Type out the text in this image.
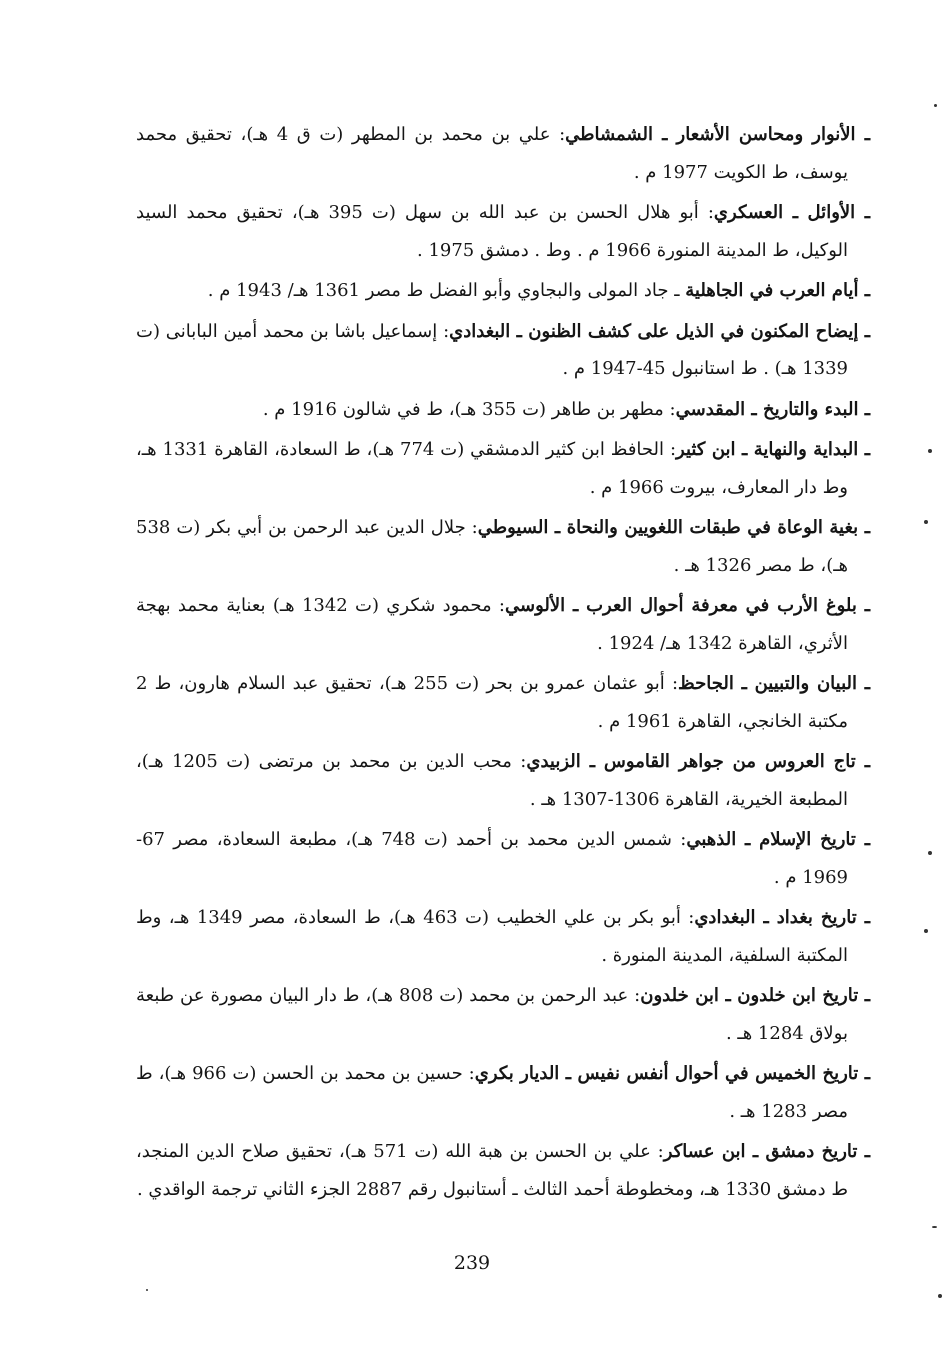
ـ الأنوار ومحاسن الأشعار ـ الشمشاطي: علي بن محمد بن المطهر (ت ق 4 هـ)، تحقيق محمد يوسف، ط الكويت 1977 م .

ـ الأوائل ـ العسكري: أبو هلال الحسن بن عبد الله بن سهل (ت 395 هـ)، تحقيق محمد السيد الوكيل، ط المدينة المنورة 1966 م . وط . دمشق 1975 .

ـ أيام العرب في الجاهلية ـ جاد المولى والبجاوي وأبو الفضل ط مصر 1361 هـ/ 1943 م .

ـ إيضاح المكنون في الذيل على كشف الظنون ـ البغدادي: إسماعيل باشا بن محمد أمين البابانى (ت 1339 هـ) . ط استانبول 45-1947 م .

ـ البدء والتاريخ ـ المقدسي: مطهر بن طاهر (ت 355 هـ)، ط في شالون 1916 م .

ـ البداية والنهاية ـ ابن كثير: الحافظ ابن كثير الدمشقي (ت 774 هـ)، ط السعادة، القاهرة 1331 هـ، وط دار المعارف، بيروت 1966 م .

ـ بغية الوعاة في طبقات اللغويين والنحاة ـ السيوطي: جلال الدين عبد الرحمن بن أبي بكر (ت 538 هـ)، ط مصر 1326 هـ .

ـ بلوغ الأرب في معرفة أحوال العرب ـ الألوسي: محمود شكري (ت 1342 هـ) بعناية محمد بهجة الأثري، القاهرة 1342 هـ/ 1924 .

ـ البيان والتبيين ـ الجاحظ: أبو عثمان عمرو بن بحر (ت 255 هـ)، تحقيق عبد السلام هارون، ط 2 مكتبة الخانجي، القاهرة 1961 م .

ـ تاج العروس من جواهر القاموس ـ الزبيدي: محب الدين بن محمد بن مرتضى (ت 1205 هـ)، المطبعة الخيرية، القاهرة 1306-1307 هـ .

ـ تاريخ الإسلام ـ الذهبي: شمس الدين محمد بن أحمد (ت 748 هـ)، مطبعة السعادة، مصر 67-1969 م .

ـ تاريخ بغداد ـ البغدادي: أبو بكر بن علي الخطيب (ت 463 هـ)، ط السعادة، مصر 1349 هـ، وط المكتبة السلفية، المدينة المنورة .

ـ تاريخ ابن خلدون ـ ابن خلدون: عبد الرحمن بن محمد (ت 808 هـ)، ط دار البيان مصورة عن طبعة بولاق 1284 هـ .

ـ تاريخ الخميس في أحوال أنفس نفيس ـ الديار بكري: حسين بن محمد بن الحسن (ت 966 هـ)، ط مصر 1283 هـ .

ـ تاريخ دمشق ـ ابن عساكر: علي بن الحسن بن هبة الله (ت 571 هـ)، تحقيق صلاح الدين المنجد، ط دمشق 1330 هـ، ومخطوطة أحمد الثالث ـ أستانبول رقم 2887 الجزء الثاني ترجمة الواقدي .

239
